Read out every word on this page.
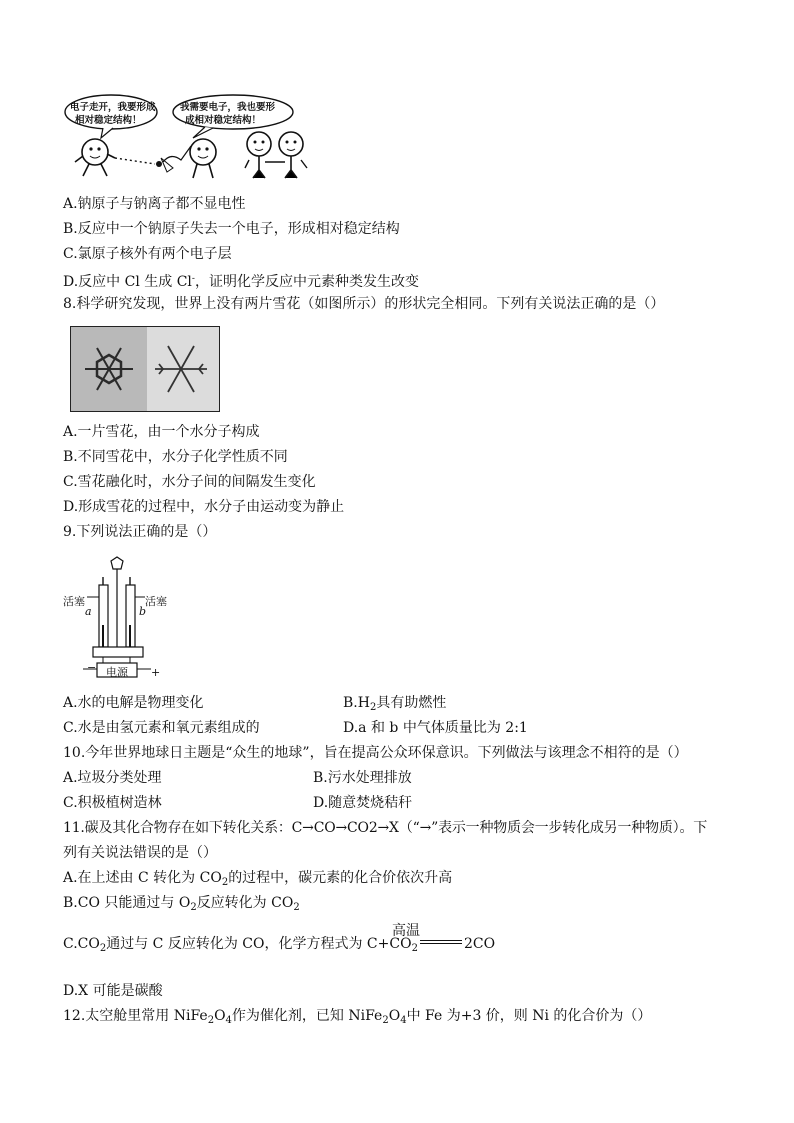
电子走开，我要形成
相对稳定结构！
我需要电子，我也要形
成相对稳定结构！
A.钠原子与钠离子都不显电性
B.反应中一个钠原子失去一个电子，形成相对稳定结构
C.氯原子核外有两个电子层
D.反应中 Cl 生成 Cl-，证明化学反应中元素种类发生改变
8.科学研究发现，世界上没有两片雪花（如图所示）的形状完全相同。下列有关说法正确的是（）
A.一片雪花，由一个水分子构成
B.不同雪花中，水分子化学性质不同
C.雪花融化时，水分子间的间隔发生变化
D.形成雪花的过程中，水分子由运动变为静止
9.下列说法正确的是（）
活塞	活塞
a	b
电源
−	+
A.水的电解是物理变化	$B.H_2$具有助燃性
C.水是由氢元素和氧元素组成的	D.a 和 b 中气体质量比为 2:1
10.今年世界地球日主题是“众生的地球”，旨在提高公众环保意识。下列做法与该理念不相符的是（）
A.垃圾分类处理	B.污水处理排放
C.积极植树造林	D.随意焚烧秸秆
11.碳及其化合物存在如下转化关系：C→CO→CO2→X（“→”表示一种物质会一步转化成另一种物质）。下
列有关说法错误的是（）
A.在上述由 C 转化为 $CO_2$的过程中，碳元素的化合价依次升高
B.CO 只能通过与 $O_2$反应转化为 $CO_2$
$C.CO_2$通过与 C 反应转化为 CO，化学方程式为 $C+CO_2$	2CO
高温
D.X 可能是碳酸
12.太空舱里常用 $NiFe_2O_4$作为催化剂，已知 $NiFe_2O_4$中 Fe 为+3 价，则 Ni 的化合价为（）
